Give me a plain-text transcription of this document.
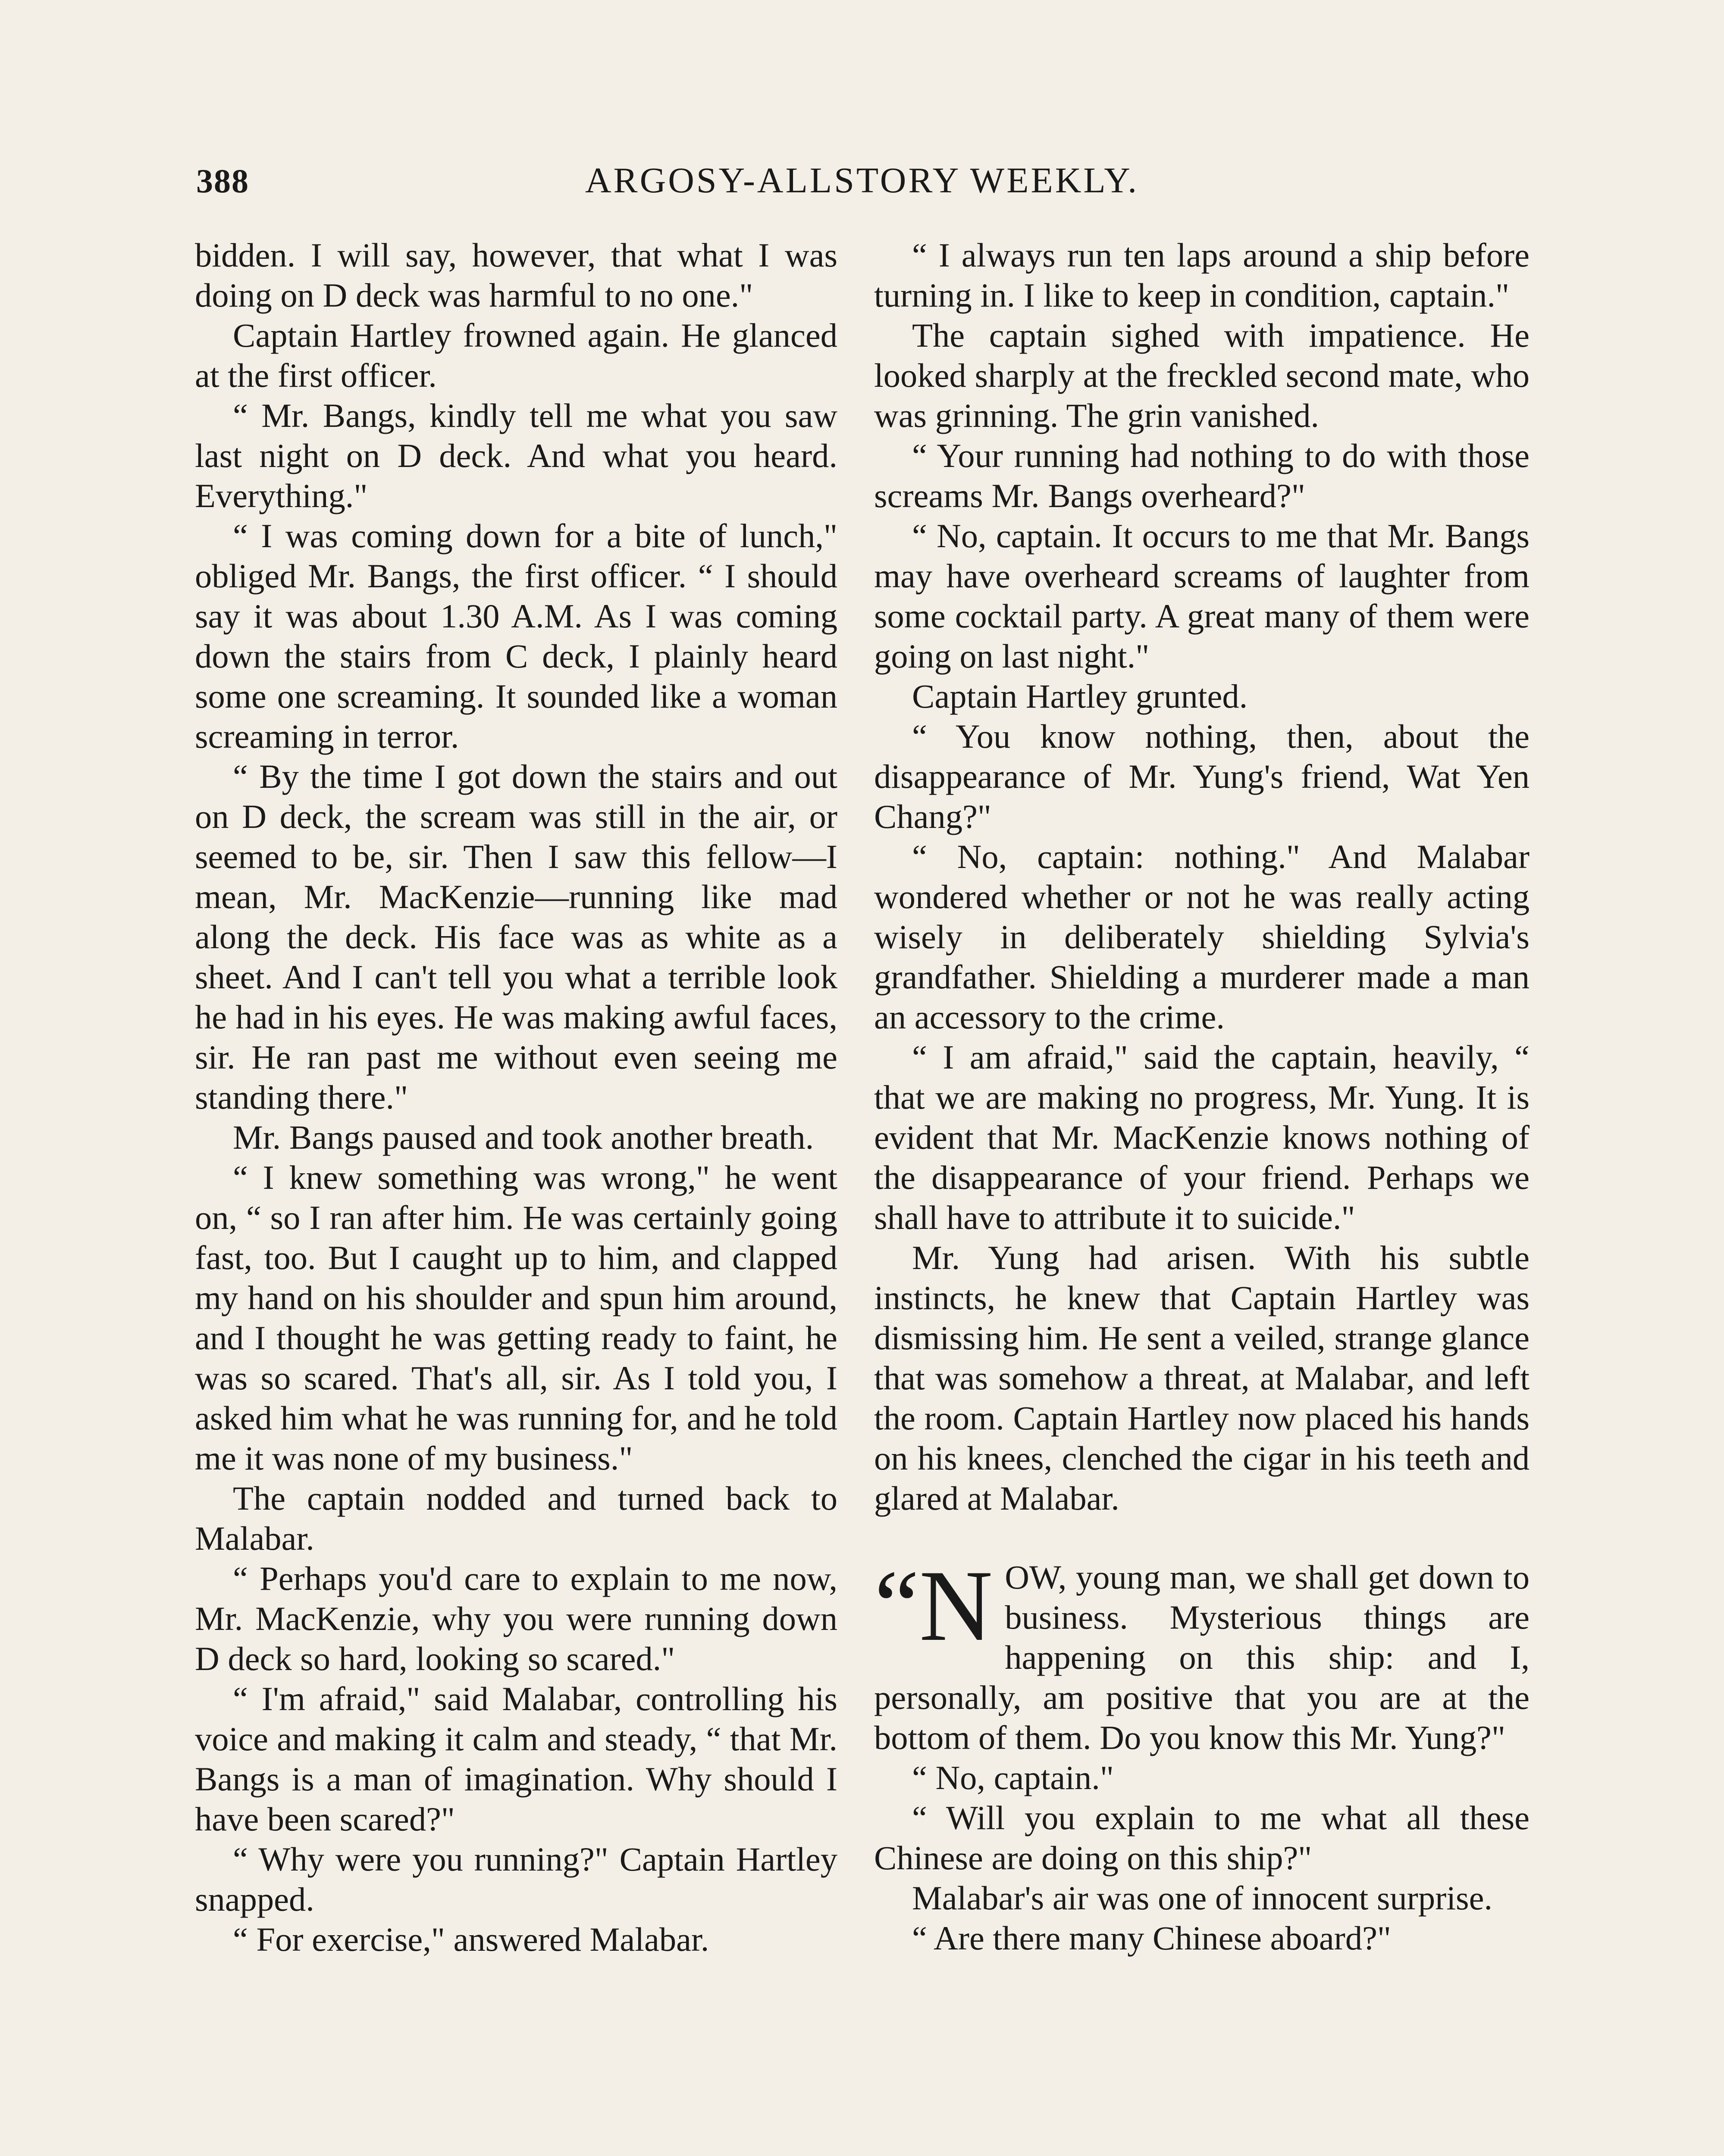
388	ARGOSY-ALLSTORY WEEKLY.

bidden. I will say, however, that what I was doing on D deck was harmful to no one."

Captain Hartley frowned again. He glanced at the first officer.

“ Mr. Bangs, kindly tell me what you saw last night on D deck. And what you heard. Everything."

“ I was coming down for a bite of lunch," obliged Mr. Bangs, the first officer. “ I should say it was about 1.30 A.M. As I was coming down the stairs from C deck, I plainly heard some one screaming. It sounded like a woman screaming in terror.

“ By the time I got down the stairs and out on D deck, the scream was still in the air, or seemed to be, sir. Then I saw this fellow—I mean, Mr. MacKenzie—running like mad along the deck. His face was as white as a sheet. And I can't tell you what a terrible look he had in his eyes. He was making awful faces, sir. He ran past me without even seeing me standing there."

Mr. Bangs paused and took another breath.

“ I knew something was wrong," he went on, “ so I ran after him. He was certainly going fast, too. But I caught up to him, and clapped my hand on his shoulder and spun him around, and I thought he was getting ready to faint, he was so scared. That's all, sir. As I told you, I asked him what he was running for, and he told me it was none of my business."

The captain nodded and turned back to Malabar.

“ Perhaps you'd care to explain to me now, Mr. MacKenzie, why you were running down D deck so hard, looking so scared."

“ I'm afraid," said Malabar, controlling his voice and making it calm and steady, “ that Mr. Bangs is a man of imagination. Why should I have been scared?"

“ Why were you running?" Captain Hartley snapped.

“ For exercise," answered Malabar.

“ I always run ten laps around a ship before turning in. I like to keep in condition, captain."

The captain sighed with impatience. He looked sharply at the freckled second mate, who was grinning. The grin vanished.

“ Your running had nothing to do with those screams Mr. Bangs overheard?"

“ No, captain. It occurs to me that Mr. Bangs may have overheard screams of laughter from some cocktail party. A great many of them were going on last night."

Captain Hartley grunted.

“ You know nothing, then, about the disappearance of Mr. Yung's friend, Wat Yen Chang?"

“ No, captain: nothing." And Malabar wondered whether or not he was really acting wisely in deliberately shielding Sylvia's grandfather. Shielding a murderer made a man an accessory to the crime.

“ I am afraid," said the captain, heavily, “ that we are making no progress, Mr. Yung. It is evident that Mr. MacKenzie knows nothing of the disappearance of your friend. Perhaps we shall have to attribute it to suicide."

Mr. Yung had arisen. With his subtle instincts, he knew that Captain Hartley was dismissing him. He sent a veiled, strange glance that was somehow a threat, at Malabar, and left the room. Captain Hartley now placed his hands on his knees, clenched the cigar in his teeth and glared at Malabar.

“N OW, young man, we shall get down to business. Mysterious things are happening on this ship: and I, personally, am positive that you are at the bottom of them. Do you know this Mr. Yung?"

“ No, captain."

“ Will you explain to me what all these Chinese are doing on this ship?"

Malabar's air was one of innocent surprise.

“ Are there many Chinese aboard?"
